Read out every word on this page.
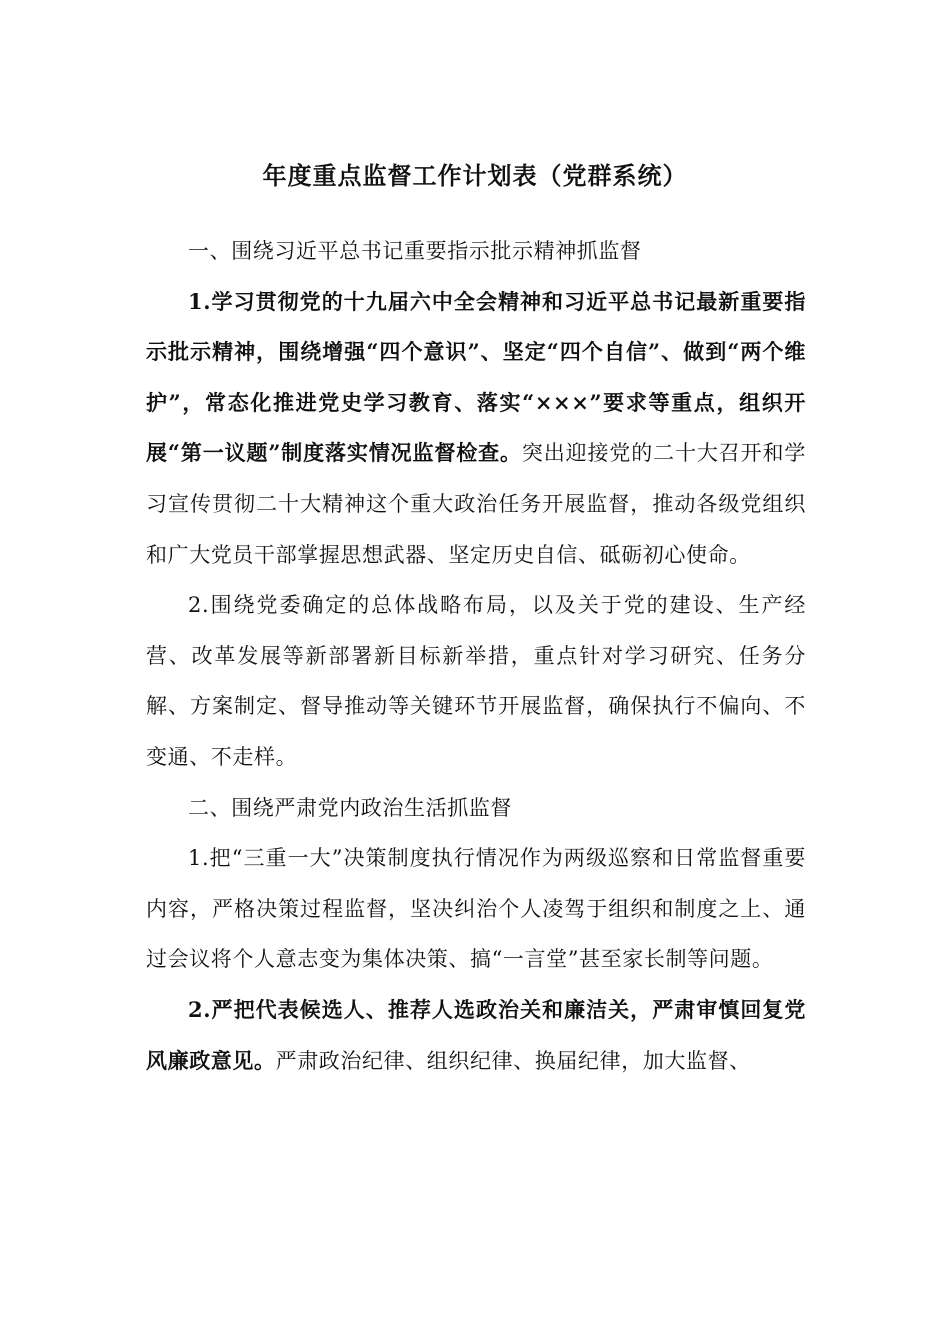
年度重点监督工作计划表（党群系统）

一、围绕习近平总书记重要指示批示精神抓监督

1.学习贯彻党的十九届六中全会精神和习近平总书记最新重要指示批示精神，围绕增强“四个意识”、坚定“四个自信”、做到“两个维护”，常态化推进党史学习教育、落实“×××”要求等重点，组织开展“第一议题”制度落实情况监督检查。突出迎接党的二十大召开和学习宣传贯彻二十大精神这个重大政治任务开展监督，推动各级党组织和广大党员干部掌握思想武器、坚定历史自信、砥砺初心使命。

2.围绕党委确定的总体战略布局，以及关于党的建设、生产经营、改革发展等新部署新目标新举措，重点针对学习研究、任务分解、方案制定、督导推动等关键环节开展监督，确保执行不偏向、不变通、不走样。

二、围绕严肃党内政治生活抓监督

1.把“三重一大”决策制度执行情况作为两级巡察和日常监督重要内容，严格决策过程监督，坚决纠治个人凌驾于组织和制度之上、通过会议将个人意志变为集体决策、搞“一言堂”甚至家长制等问题。

2.严把代表候选人、推荐人选政治关和廉洁关，严肃审慎回复党风廉政意见。严肃政治纪律、组织纪律、换届纪律，加大监督、
